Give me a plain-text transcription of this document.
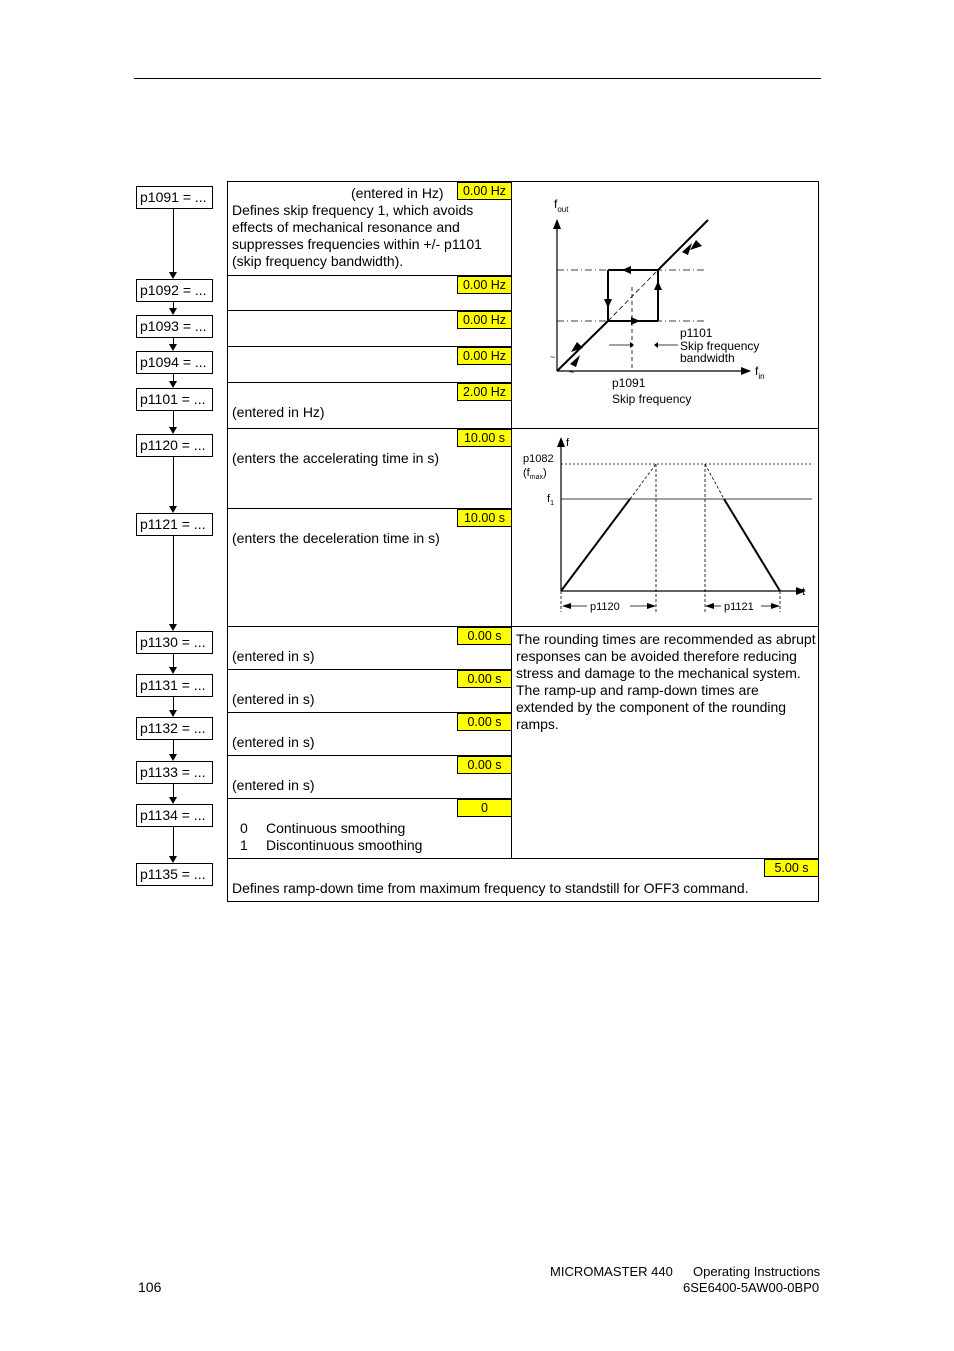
p1091 = ...
p1092 = ...
p1093 = ...
p1094 = ...
p1101 = ...
p1120 = ...
p1121 = ...
p1130 = ...
p1131 = ...
p1132 = ...
p1133 = ...
p1134 = ...
p1135 = ...
0.00 Hz
(entered in Hz)
Defines skip frequency 1, which avoids effects of mechanical resonance and suppresses frequencies within +/- p1101 (skip frequency bandwidth).
0.00 Hz
0.00 Hz
0.00 Hz
2.00 Hz
(entered in Hz)
10.00 s
(enters the accelerating time in s)
10.00 s
(enters the deceleration time in s)
0.00 s
(entered in s)
0.00 s
(entered in s)
0.00 s
(entered in s)
0.00 s
(entered in s)
0
0 Continuous smoothing
1 Discontinuous smoothing
5.00 s
Defines ramp-down time from maximum frequency to standstill for OFF3 command.
$f_{out}$
$f_{in}$
~
~
p1101
Skip frequency
bandwidth
p1091
Skip frequency
f
t
p1120	p1121
p1082
$(f_{max})$
$f_1$
The rounding times are recommended as abrupt responses can be avoided therefore reducing stress and damage to the mechanical system.
The ramp-up and ramp-down times are extended by the component of the rounding ramps.
106
MICROMASTER 440 Operating Instructions
6SE6400-5AW00-0BP0
